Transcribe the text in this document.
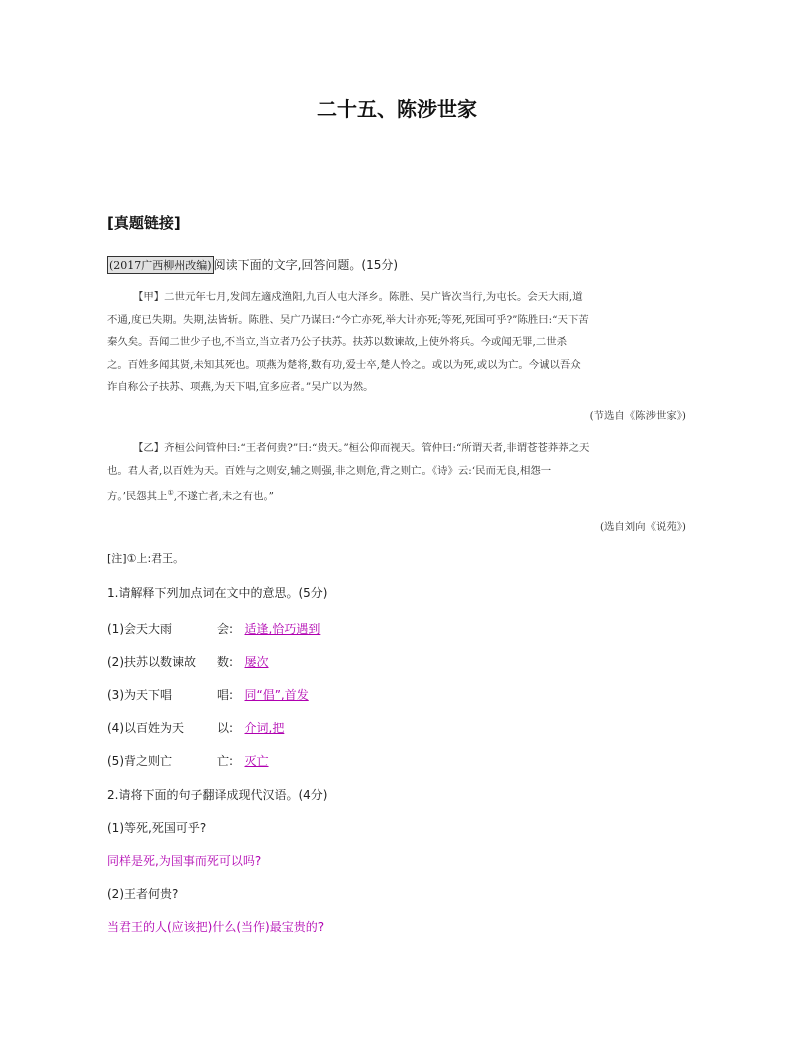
二十五、陈涉世家
[真题链接]
(2017广西柳州改编) 阅读下面的文字,回答问题。(15分)
【甲】二世元年七月,发闾左適戍渔阳,九百人屯大泽乡。陈胜、吴广皆次当行,为屯长。会天大雨,道
不通,度已失期。失期,法皆斩。陈胜、吴广乃谋曰:“今亡亦死,举大计亦死;等死,死国可乎?”陈胜曰:“天下苦
秦久矣。吾闻二世少子也,不当立,当立者乃公子扶苏。扶苏以数谏故,上使外将兵。今或闻无罪,二世杀
之。百姓多闻其贤,未知其死也。项燕为楚将,数有功,爱士卒,楚人怜之。或以为死,或以为亡。今诚以吾众
诈自称公子扶苏、项燕,为天下唱,宜多应者。”吴广以为然。
(节选自《陈涉世家》)
【乙】齐桓公问管仲曰:“王者何贵?”曰:“贵天。”桓公仰而视天。管仲曰:“所谓天者,非谓苍苍莽莽之天
也。君人者,以百姓为天。百姓与之则安,辅之则强,非之则危,背之则亡。《诗》云:‘民而无良,相怨一
方。’民怨其上①,不遂亡者,未之有也。”
(选自刘向《说苑》)
[注]①上:君王。
1.请解释下列加点词在文中的意思。(5分)
(1)会天大雨	会: 适逢,恰巧遇到
(2)扶苏以数谏故 数: 屡次
(3)为天下唱	唱: 同“倡”,首发
(4)以百姓为天	以: 介词,把
(5)背之则亡	亡: 灭亡
2.请将下面的句子翻译成现代汉语。(4分)
(1)等死,死国可乎?
同样是死,为国事而死可以吗?
(2)王者何贵?
当君王的人(应该把)什么(当作)最宝贵的?
